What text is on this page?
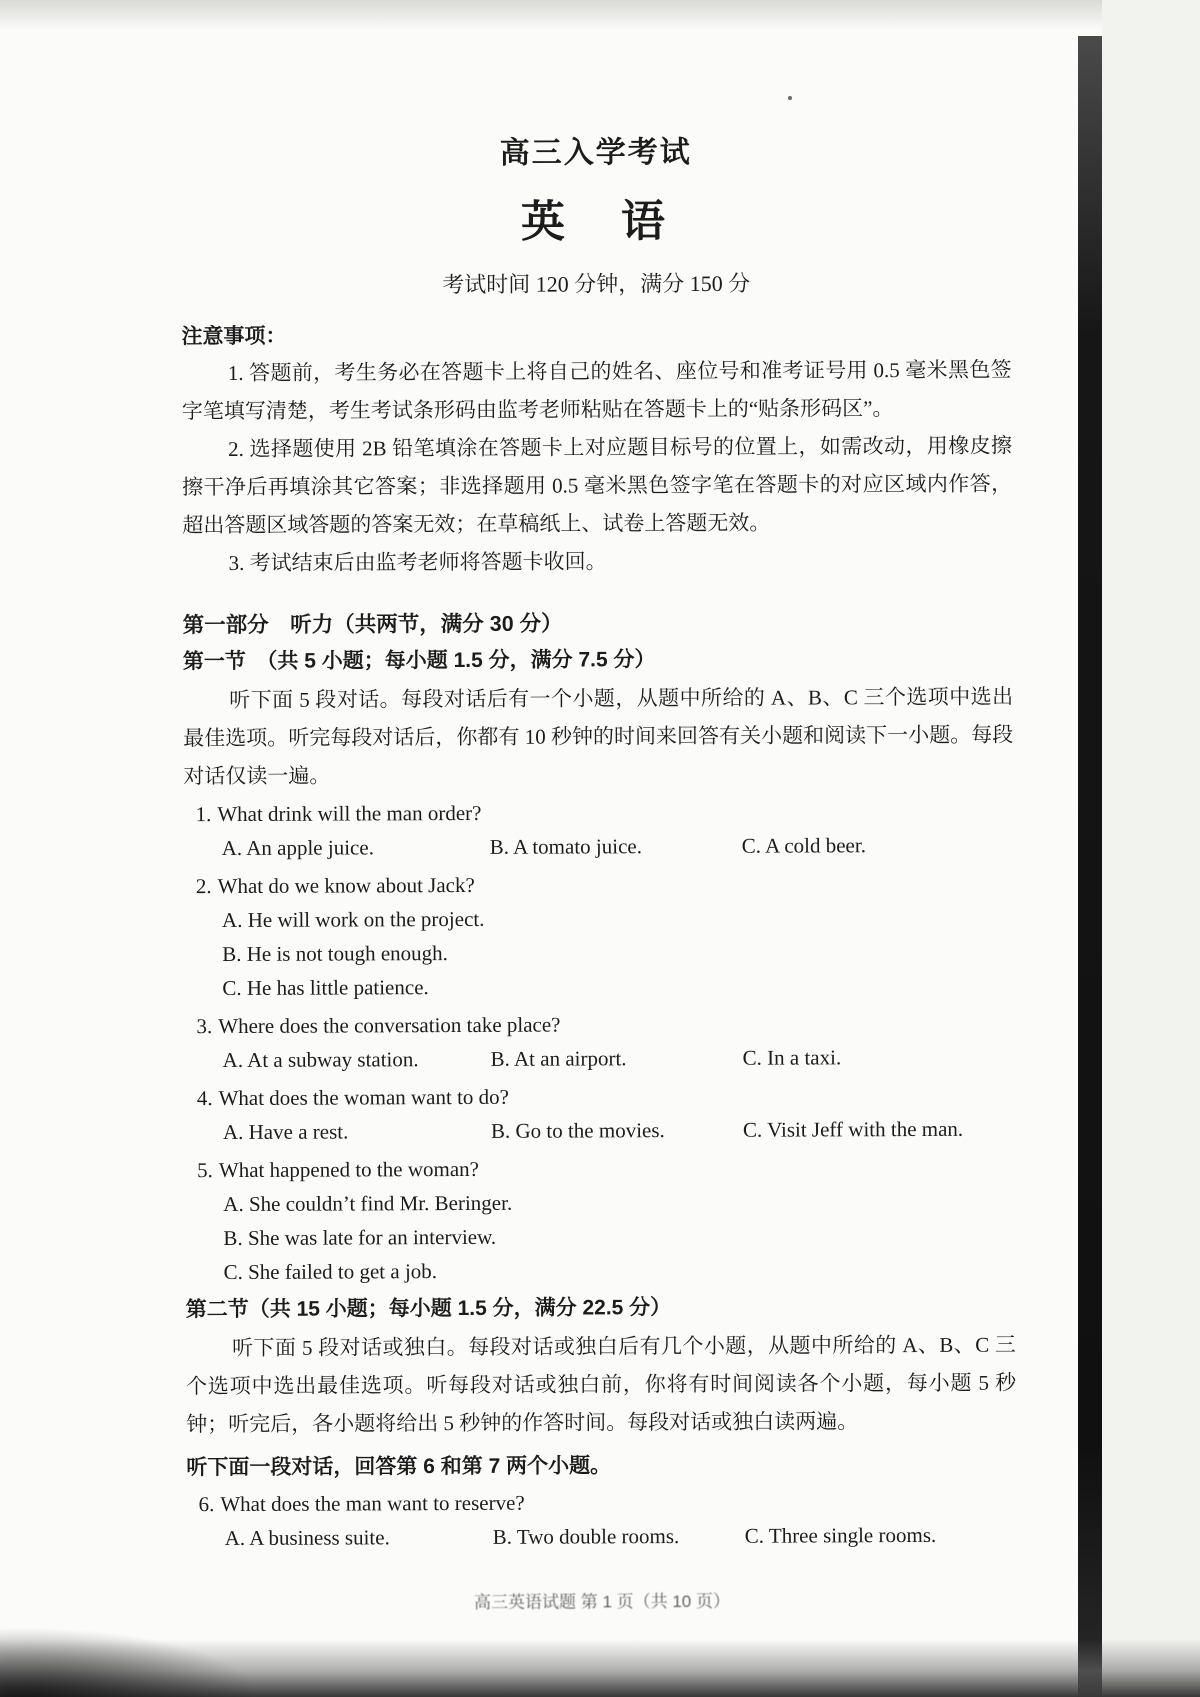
高三入学考试
英　语
考试时间 120 分钟，满分 150 分
注意事项：

1. 答题前，考生务必在答题卡上将自己的姓名、座位号和准考证号用 0.5 毫米黑色签字笔填写清楚，考生考试条形码由监考老师粘贴在答题卡上的“贴条形码区”。

2. 选择题使用 2B 铅笔填涂在答题卡上对应题目标号的位置上，如需改动，用橡皮擦擦干净后再填涂其它答案；非选择题用 0.5 毫米黑色签字笔在答题卡的对应区域内作答，超出答题区域答题的答案无效；在草稿纸上、试卷上答题无效。

3. 考试结束后由监考老师将答题卡收回。

第一部分　听力（共两节，满分 30 分）
第一节　（共 5 小题；每小题 1.5 分，满分 7.5 分）

听下面 5 段对话。每段对话后有一个小题，从题中所给的 A、B、C 三个选项中选出最佳选项。听完每段对话后，你都有 10 秒钟的时间来回答有关小题和阅读下一小题。每段对话仅读一遍。

1. What drink will the man order?
A. An apple juice.	B. A tomato juice.	C. A cold beer.
2. What do we know about Jack?
A. He will work on the project.
B. He is not tough enough.
C. He has little patience.
3. Where does the conversation take place?
A. At a subway station.	B. At an airport.	C. In a taxi.
4. What does the woman want to do?
A. Have a rest.	B. Go to the movies.	C. Visit Jeff with the man.
5. What happened to the woman?
A. She couldn’t find Mr. Beringer.
B. She was late for an interview.
C. She failed to get a job.
第二节（共 15 小题；每小题 1.5 分，满分 22.5 分）

听下面 5 段对话或独白。每段对话或独白后有几个小题，从题中所给的 A、B、C 三个选项中选出最佳选项。听每段对话或独白前，你将有时间阅读各个小题，每小题 5 秒钟；听完后，各小题将给出 5 秒钟的作答时间。每段对话或独白读两遍。

听下面一段对话，回答第 6 和第 7 两个小题。
6. What does the man want to reserve?
A. A business suite.	B. Two double rooms.	C. Three single rooms.
高三英语试题 第 1 页（共 10 页）
